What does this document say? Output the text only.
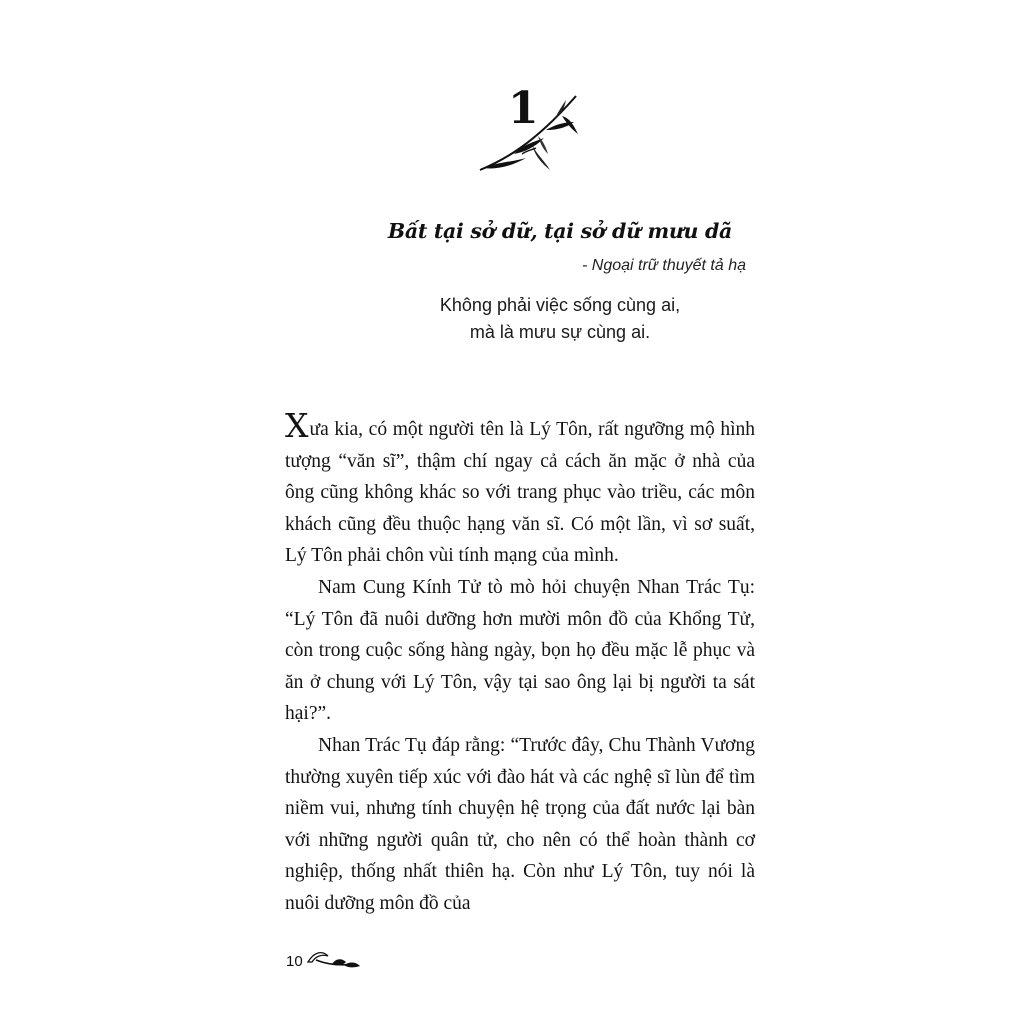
1
Bất tại sở dữ, tại sở dữ mưu dã
- Ngoại trữ thuyết tả hạ
Không phải việc sống cùng ai,
mà là mưu sự cùng ai.

Xưa kia, có một người tên là Lý Tôn, rất ngưỡng mộ hình tượng “văn sĩ”, thậm chí ngay cả cách ăn mặc ở nhà của ông cũng không khác so với trang phục vào triều, các môn khách cũng đều thuộc hạng văn sĩ. Có một lần, vì sơ suất, Lý Tôn phải chôn vùi tính mạng của mình.

Nam Cung Kính Tử tò mò hỏi chuyện Nhan Trác Tụ: “Lý Tôn đã nuôi dưỡng hơn mười môn đồ của Khổng Tử, còn trong cuộc sống hàng ngày, bọn họ đều mặc lễ phục và ăn ở chung với Lý Tôn, vậy tại sao ông lại bị người ta sát hại?”.

Nhan Trác Tụ đáp rằng: “Trước đây, Chu Thành Vương thường xuyên tiếp xúc với đào hát và các nghệ sĩ lùn để tìm niềm vui, nhưng tính chuyện hệ trọng của đất nước lại bàn với những người quân tử, cho nên có thể hoàn thành cơ nghiệp, thống nhất thiên hạ. Còn như Lý Tôn, tuy nói là nuôi dưỡng môn đồ của

10
